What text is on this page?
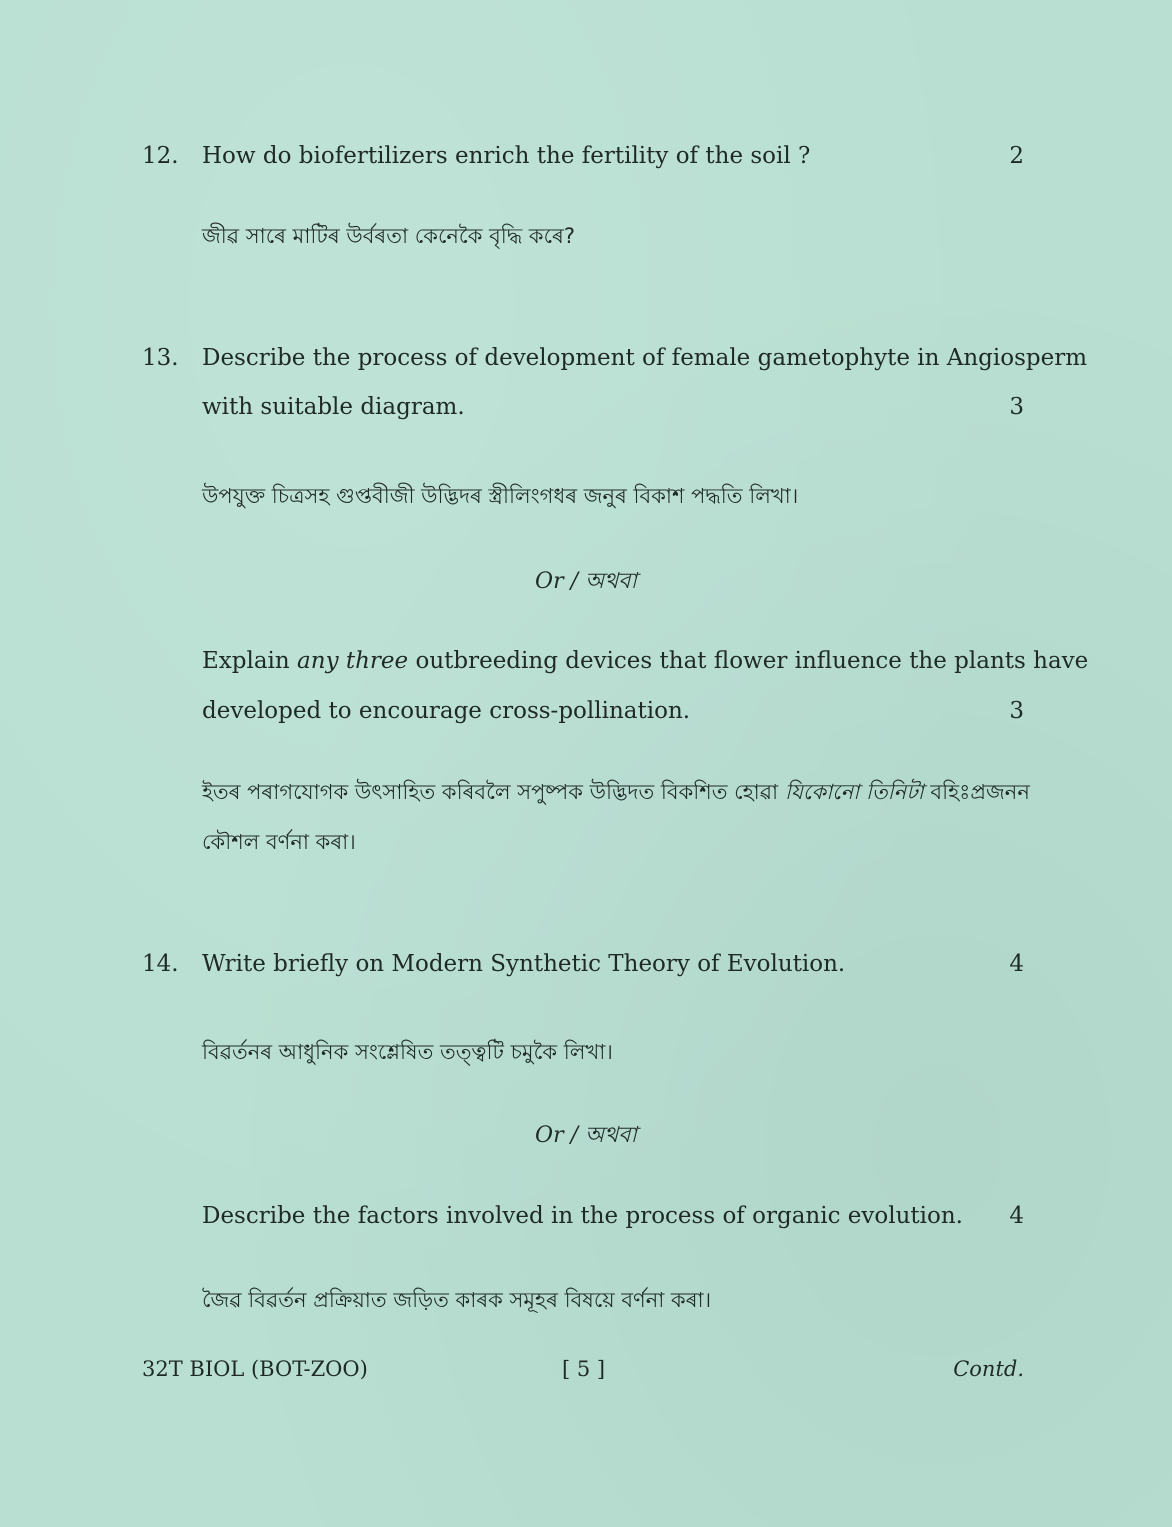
12. How do biofertilizers enrich the fertility of the soil ?	2
জীৱ সাৰে মাটিৰ উৰ্বৰতা কেনেকৈ বৃদ্ধি কৰে?
13. Describe the process of development of female gametophyte in Angiosperm
with suitable diagram.	3
উপযুক্ত চিত্ৰসহ গুপ্তবীজী উদ্ভিদৰ স্ত্ৰীলিংগধৰ জনুৰ বিকাশ পদ্ধতি লিখা।
Or / অথবা
Explain any three outbreeding devices that flower influence the plants have
developed to encourage cross-pollination.	3
ইতৰ পৰাগযোগক উৎসাহিত কৰিবলৈ সপুষ্পক উদ্ভিদত বিকশিত হোৱা যিকোনো তিনিটা বহিঃপ্ৰজনন
কৌশল বৰ্ণনা কৰা।
14. Write briefly on Modern Synthetic Theory of Evolution.	4
বিৱৰ্তনৰ আধুনিক সংশ্লেষিত তত্ত্বটি চমুকৈ লিখা।
Or / অথবা
Describe the factors involved in the process of organic evolution. 4
জৈৱ বিৱৰ্তন প্ৰক্ৰিয়াত জড়িত কাৰক সমূহৰ বিষয়ে বৰ্ণনা কৰা।
32T BIOL (BOT-ZOO)	[ 5 ]	Contd.
